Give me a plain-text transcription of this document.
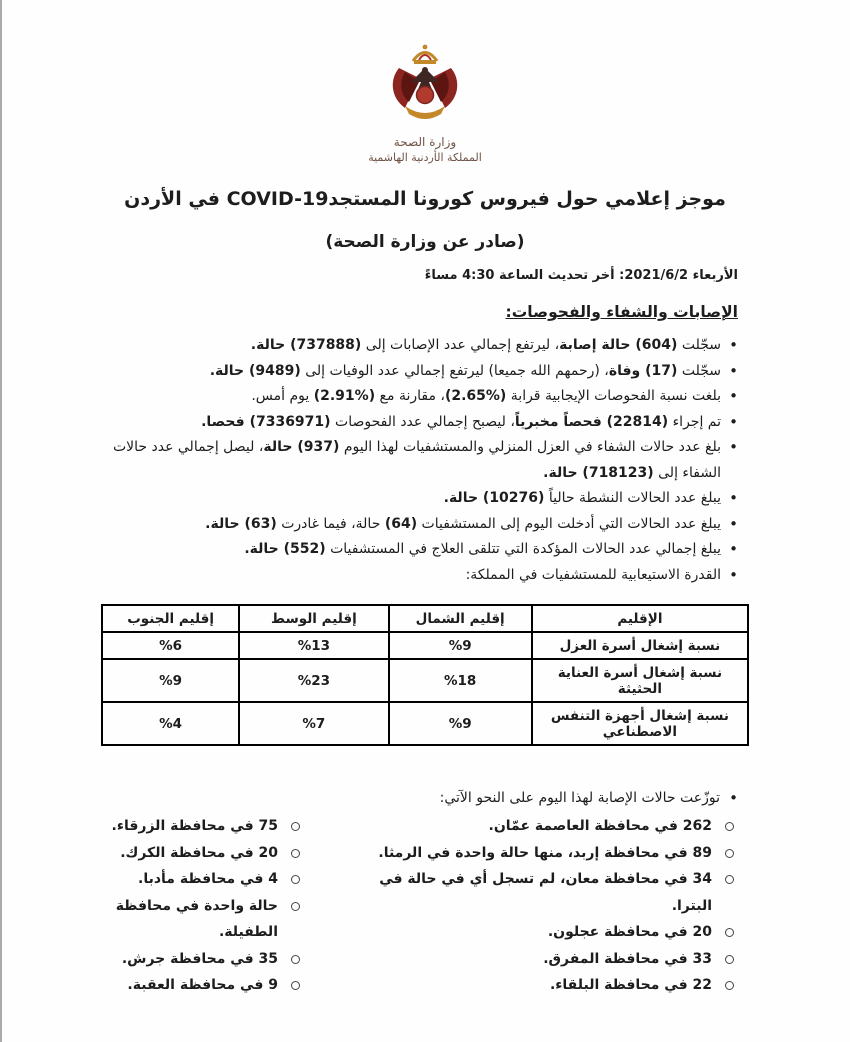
وزارة الصحة
المملكة الأردنية الهاشمية
موجز إعلامي حول فيروس كورونا المستجدCOVID-19 في الأردن
(صادر عن وزارة الصحة)
الأربعاء 2021/6/2: أخر تحديث الساعة 4:30 مساءً
الإصابات والشفاء والفحوصات:
• سجّلت (604) حالة إصابة، ليرتفع إجمالي عدد الإصابات إلى (737888) حالة.
• سجّلت (17) وفاة، (رحمهم الله جميعا) ليرتفع إجمالي عدد الوفيات إلى (9489) حالة.
• بلغت نسبة الفحوصات الإيجابية قرابة (%2.65)، مقارنة مع (%2.91) يوم أمس.
• تم إجراء (22814) فحصاً مخبرياً، ليصبح إجمالي عدد الفحوصات (7336971) فحصا.
• بلغ عدد حالات الشفاء في العزل المنزلي والمستشفيات لهذا اليوم (937) حالة، ليصل إجمالي عدد حالات الشفاء إلى (718123) حالة.
• يبلغ عدد الحالات النشطة حالياً (10276) حالة.
• يبلغ عدد الحالات التي أدخلت اليوم إلى المستشفيات (64) حالة، فيما غادرت (63) حالة.
• يبلغ إجمالي عدد الحالات المؤكدة التي تتلقى العلاج في المستشفيات (552) حالة.
• القدرة الاستيعابية للمستشفيات في المملكة:
الإقليم	إقليم الشمال	إقليم الوسط	إقليم الجنوب
نسبة إشغال أسرة العزل	%9	%13	%6
نسبة إشغال أسرة العناية الحثيثة	%18	%23	%9
نسبة إشغال أجهزة التنفس الاصطناعي	%9	%7	%4
• توزّعت حالات الإصابة لهذا اليوم على النحو الآتي:
262 في محافظة العاصمة عمّان.
89 في محافظة إربد، منها حالة واحدة في الرمثا.
34 في محافظة معان، لم تسجل أي في حالة في البترا.
20 في محافظة عجلون.
33 في محافظة المفرق.
22 في محافظة البلقاء.
75 في محافظة الزرقاء.
20 في محافظة الكرك.
4 في محافظة مأدبا.
حالة واحدة في محافظة الطفيلة.
35 في محافظة جرش.
9 في محافظة العقبة.
